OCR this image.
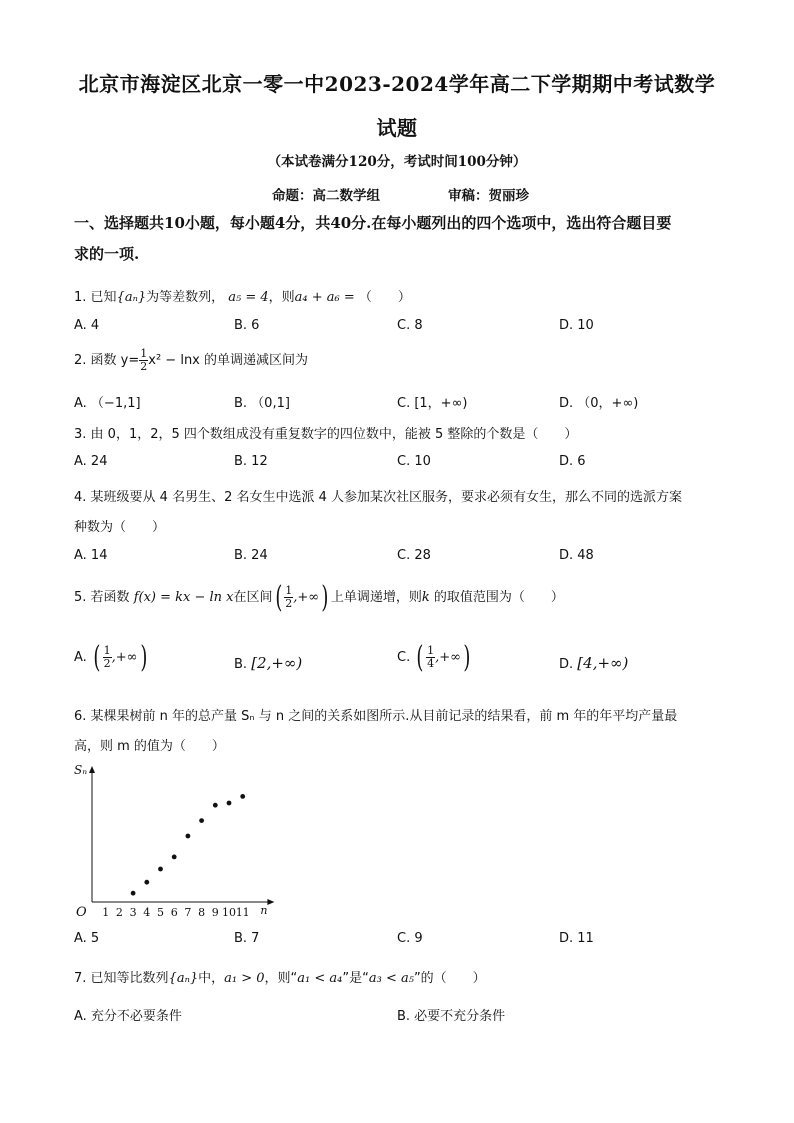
北京市海淀区北京一零一中2023-2024学年高二下学期期中考试数学
试题
（本试卷满分120分，考试时间100分钟）
命题：高二数学组	审稿：贺丽珍
一、选择题共10小题，每小题4分，共40分.在每小题列出的四个选项中，选出符合题目要
求的一项.
1. 已知{aₙ}为等差数列， a₅ = 4，则a₄ + a₆ = （　　）
A. 4	B. 6	C. 8	D. 10
2. 函数 $y= \frac{1}{2} x^2 - \ln x$ 的单调递减区间为
A. （−1,1]	B. （0,1]	C. [1，+∞)	D. （0，+∞)
3. 由 0，1，2，5 四个数组成没有重复数字的四位数中，能被 5 整除的个数是（　　）
A. 24	B. 12	C. 10	D. 6
4. 某班级要从 4 名男生、2 名女生中选派 4 人参加某次社区服务，要求必须有女生，那么不同的选派方案
种数为（　　）
A. 14	B. 24	C. 28	D. 48
5. 若函数 f(x) = kx − ln x在区间( $\frac{1}{2}$ ,+∞) 上单调递增，则k 的取值范围为（　　）
A. ( $\frac{1}{2}$ ,+∞)	B. [2,+∞)	C. ( $\frac{1}{4}$ ,+∞)	D. [4,+∞)
6. 某棵果树前 n 年的总产量 Sₙ 与 n 之间的关系如图所示.从目前记录的结果看，前 m 年的年平均产量最
高，则 m 的值为（　　）
Sₙ
n
O 1 2 3 4 5 6 7 8 9 10 11
A. 5	B. 7	C. 9	D. 11
7. 已知等比数列{aₙ}中，a₁ > 0，则“a₁ < a₄”是“a₃ < a₅”的（　　）
A. 充分不必要条件	B. 必要不充分条件
